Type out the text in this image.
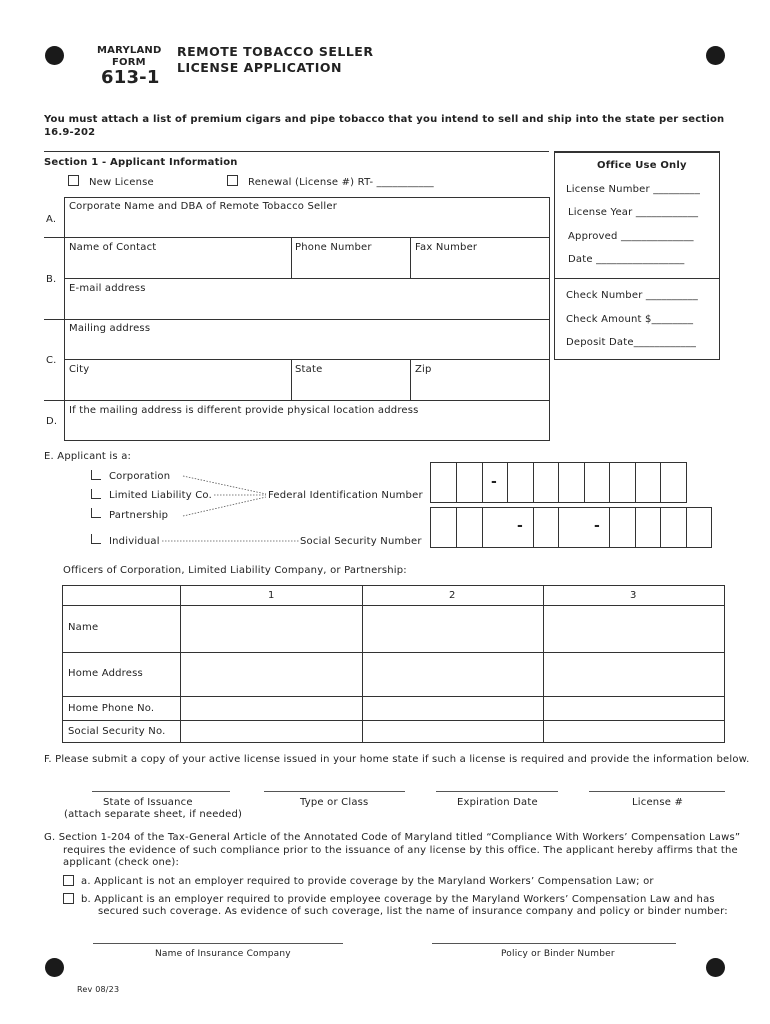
MARYLAND
FORM
613-1
REMOTE TOBACCO SELLER
LICENSE APPLICATION
You must attach a list of premium cigars and pipe tobacco that you intend to sell and ship into the state per section
16.9-202
Section 1 - Applicant Information
New License	Renewal (License #) RT- ___________
A.
B.
C.
D.
Corporate Name and DBA of Remote Tobacco Seller
Name of Contact	Phone Number	Fax Number
E-mail address
Mailing address
City	State	Zip
If the mailing address is different provide physical location address
Office Use Only
License Number _________
License Year ____________
Approved ______________
Date _________________
Check Number __________
Check Amount $________
Deposit Date____________
E. Applicant is a:
Corporation
Limited Liability Co.
Partnership
Individual
Federal Identification Number
Social Security Number
-
-	-
Officers of Corporation, Limited Liability Company, or Partnership:
1	2	3
Name
Home Address
Home Phone No.
Social Security No.
F. Please submit a copy of your active license issued in your home state if such a license is required and provide the information below.
State of Issuance
(attach separate sheet, if needed)
Type or Class	Expiration Date	License #
G. Section 1-204 of the Tax-General Article of the Annotated Code of Maryland titled “Compliance With Workers’ Compensation Laws”
requires the evidence of such compliance prior to the issuance of any license by this office. The applicant hereby affirms that the
applicant (check one):
a. Applicant is not an employer required to provide coverage by the Maryland Workers’ Compensation Law; or
b. Applicant is an employer required to provide employee coverage by the Maryland Workers’ Compensation Law and has
secured such coverage. As evidence of such coverage, list the name of insurance company and policy or binder number:
Name of Insurance Company	Policy or Binder Number
Rev 08/23
